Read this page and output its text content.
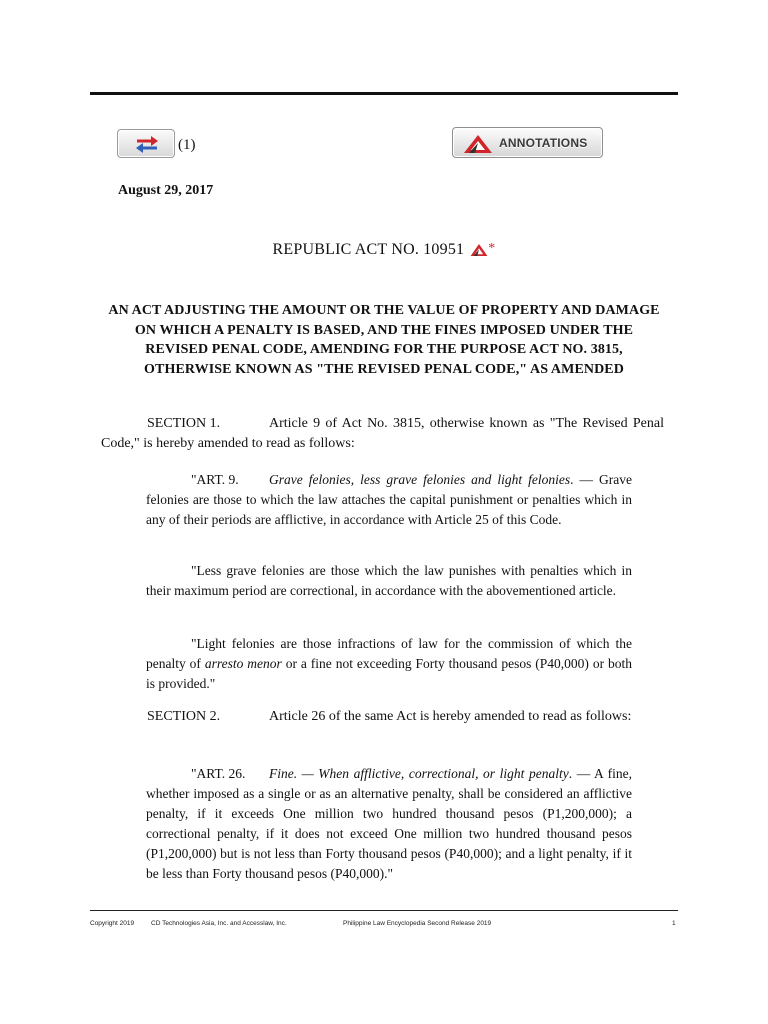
(1)	ANNOTATIONS
August 29, 2017
REPUBLIC ACT NO. 10951 *
AN ACT ADJUSTING THE AMOUNT OR THE VALUE OF PROPERTY AND DAMAGE ON WHICH A PENALTY IS BASED, AND THE FINES IMPOSED UNDER THE REVISED PENAL CODE, AMENDING FOR THE PURPOSE ACT NO. 3815, OTHERWISE KNOWN AS "THE REVISED PENAL CODE," AS AMENDED

SECTION 1.	Article 9 of Act No. 3815, otherwise known as "The Revised Penal Code," is hereby amended to read as follows:

"ART. 9. Grave felonies, less grave felonies and light felonies. — Grave felonies are those to which the law attaches the capital punishment or penalties which in any of their periods are afflictive, in accordance with Article 25 of this Code.

"Less grave felonies are those which the law punishes with penalties which in their maximum period are correctional, in accordance with the abovementioned article.

"Light felonies are those infractions of law for the commission of which the penalty of arresto menor or a fine not exceeding Forty thousand pesos (P40,000) or both is provided."

SECTION 2.	Article 26 of the same Act is hereby amended to read as follows:

"ART. 26. Fine. — When afflictive, correctional, or light penalty. — A fine, whether imposed as a single or as an alternative penalty, shall be considered an afflictive penalty, if it exceeds One million two hundred thousand pesos (P1,200,000); a correctional penalty, if it does not exceed One million two hundred thousand pesos (P1,200,000) but is not less than Forty thousand pesos (P40,000); and a light penalty, if it be less than Forty thousand pesos (P40,000)."

Copyright 2019	CD Technologies Asia, Inc. and Accesslaw, Inc.	Philippine Law Encyclopedia Second Release 2019	1
